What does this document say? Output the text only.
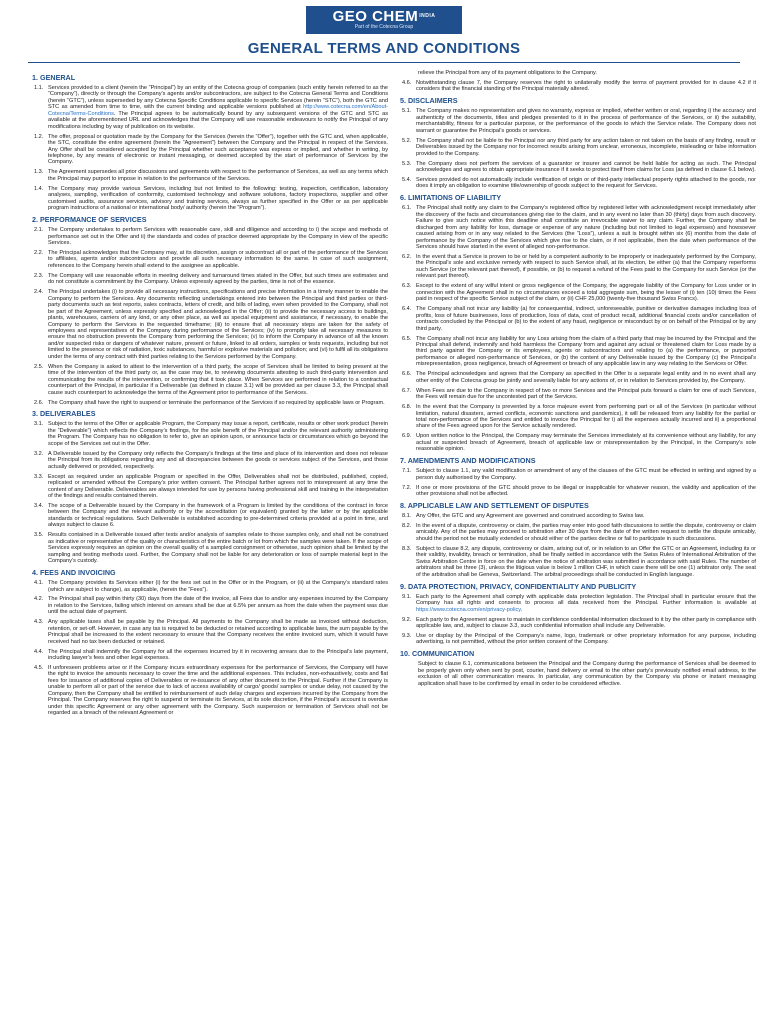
GEO $CHEM^{INDIA}$
Part of the Cotecna Group
GENERAL TERMS AND CONDITIONS
1. GENERAL
1.1. Services provided to a client (herein the “Principal”) by an entity of the Cotecna group of companies (such entity herein referred to as the “Company”), directly or through the Company’s agents and/or subcontractors, are subject to the Cotecna General Terms and Conditions (herein “GTC”), unless superseded by any Cotecna Specific Conditions applicable to specific Services (herein “STC”), both the GTC and STC as amended from time to time, with the current binding and applicable versions published at http://www.cotecna.com/en/About-Cotecna/Terms-Conditions. The Principal agrees to be automatically bound by any subsequent versions of the GTC and STC as available at the aforementioned URL and acknowledges that the Company will use reasonable endeavours to notify the Principal of any modifications including by way of publication on its website.
1.2. The offer, proposal or quotation made by the Company for the Services (herein the “Offer”), together with the GTC and, when applicable, the STC, constitute the entire agreement (herein the “Agreement”) between the Company and the Principal in respect of the Services. Any Offer shall be considered accepted by the Principal whether such acceptance was express or implied, and whether in writing, by telephone, by any means of electronic or instant messaging, or deemed accepted by the start of performance of Services by the Company.
1.3. The Agreement supersedes all prior discussions and agreements with respect to the performance of Services, as well as any terms which the Principal may purport to impose in relation to the performance of the Services.
1.4. The Company may provide various Services, including but not limited to the following: testing, inspection, certification, laboratory analyses, sampling, verification of conformity, customised technology and software solutions, factory inspections, supplier and other customised audits, assurance services, advisory and training services, always as further specified in the Offer or as per applicable program instructions of a national or international body/ authority (herein the “Program”).
2. PERFORMANCE OF SERVICES
2.1. The Company undertakes to perform Services with reasonable care, skill and diligence and according to i) the scope and methods of performance set out in the Offer and ii) the standards and codes of practice deemed appropriate by the Company in view of the specific Services.
2.2. The Principal acknowledges that the Company may, at its discretion, assign or subcontract all or part of the performance of the Services to affiliates, agents and/or subcontractors and provide all such necessary information to the same. In case of such assignment, references to the Company herein shall extend to the assignee as applicable.
2.3. The Company will use reasonable efforts in meeting delivery and turnaround times stated in the Offer, but such times are estimates and do not constitute a commitment by the Company. Unless expressly agreed by the parties, time is not of the essence.
2.4. The Principal undertakes (i) to provide all necessary instructions, specifications and precise information in a timely manner to enable the Company to perform the Services. Any documents reflecting undertakings entered into between the Principal and third parties or third-party documents such as test reports, sales contracts, letters of credit, and bills of lading, even when provided to the Company, shall not be part of the Agreement, unless expressly specified and acknowledged in the Offer; (ii) to provide the necessary access to buildings, plants, warehouses, carriers of any kind, or any other place, as well as special equipment and assistance, if necessary, to enable the Company to perform the Services in the requested timeframe; (iii) to ensure that all necessary steps are taken for the safety of employees and representatives of the Company during performance of the Services; (iv) to promptly take all necessary measures to ensure that no obstruction prevents the Company from performing the Services; (v) to inform the Company in advance of all the known and/or suspected risks or dangers of whatever nature, present or future, linked to all orders, samples or tests requests, including but not limited to the presence or risk of radiation, toxic substances, harmful or explosive materials and pollution; and (vi) to fulfil all its obligations under the terms of any contract with third parties relating to the Services performed by the Company.
2.5. When the Company is asked to attest to the intervention of a third party, the scope of Services shall be limited to being present at the time of the intervention of the third party or, as the case may be, to reviewing documents attesting to such third-party intervention and communicating the results of the intervention, or confirming that it took place. When Services are performed in relation to a contractual counterpart of the Principal, in particular if a Deliverable (as defined in clause 3.1) will be provided as per clause 3.3, the Principal shall cause such counterpart to acknowledge the terms of the Agreement prior to performance of the Services.
2.6. The Company shall have the right to suspend or terminate the performance of the Services if so required by applicable laws or Program.
3. DELIVERABLES
3.1. Subject to the terms of the Offer or applicable Program, the Company may issue a report, certificate, results or other work product (herein the “Deliverable”) which reflects the Company’s findings, for the sole benefit of the Principal and/or the relevant authority administering the Program. The Company has no obligation to refer to, give an opinion upon, or announce facts or circumstances which go beyond the scope of the Services set out in the Offer.
3.2. A Deliverable issued by the Company only reflects the Company’s findings at the time and place of its intervention and does not release the Principal from its obligations regarding any and all discrepancies between the goods or services subject of the Services, and those actually delivered or provided, respectively.
3.3. Except as required under an applicable Program or specified in the Offer, Deliverables shall not be distributed, published, copied, replicated or amended without the Company’s prior written consent. The Principal further agrees not to misrepresent at any time the content of any Deliverable. Deliverables are always intended for use by persons having professional skill and training in the interpretation of the findings and results contained therein.
3.4. The scope of a Deliverable issued by the Company in the framework of a Program is limited by the conditions of the contract in force between the Company and the relevant authority or by the accreditation (or equivalent) granted by the latter or by the applicable standards or technical regulations. Such Deliverable is established according to pre-determined criteria provided at a point in time, and always subject to clause 6.
3.5. Results contained in a Deliverable issued after tests and/or analysis of samples relate to those samples only, and shall not be construed as indicative or representative of the quality or characteristics of the entire batch or lot from which the samples were taken. If the scope of Services expressly requires an opinion on the overall quality of a sampled consignment or otherwise, such opinion shall be limited by the sampling and testing methods used. Further, the Company shall not be liable for any deterioration or loss of sample material kept in the Company’s custody.
4. FEES AND INVOICING
4.1. The Company provides its Services either (i) for the fees set out in the Offer or in the Program, or (ii) at the Company’s standard rates (which are subject to change), as applicable, (herein the “Fees”).
4.2. The Principal shall pay within thirty (30) days from the date of the invoice, all Fees due to and/or any expenses incurred by the Company in relation to the Services, failing which interest on arrears shall be due at 6.5% per annum as from the date when the payment was due until the actual date of payment.
4.3. Any applicable taxes shall be payable by the Principal. All payments to the Company shall be made as invoiced without deduction, retention, or set-off. However, in case any tax is required to be deducted or retained according to applicable laws, the sum payable by the Principal shall be increased to the extent necessary to ensure that the Company receives the entire invoiced sum, which it would have received had no tax been deducted or retained.
4.4. The Principal shall indemnify the Company for all the expenses incurred by it in recovering arrears due to the Principal’s late payment, including lawyer’s fees and other legal expenses.
4.5. If unforeseen problems arise or if the Company incurs extraordinary expenses for the performance of Services, the Company will have the right to invoice the amounts necessary to cover the time and the additional expenses. This includes, non-exhaustively, costs and flat fees for issuance of additional copies of Deliverables or re-issuance of any other document to the Principal. Further if the Company is unable to perform all or part of the service due to lack of access availability of cargo/ goods/ samples or undue delay, not caused by the Company, then the Company shall be entitled to reimbursement of such delay charges and expenses incurred by the Company from the Principal. The Company reserves the right to suspend or terminate its Services, at its sole discretion, if the Principal’s account is overdue under this specific Agreement or any other agreement with the Company. Such suspension or termination of Services shall not be regarded as a breach of the relevant Agreement or
relieve the Principal from any of its payment obligations to the Company.
4.6. Notwithstanding clause 7, the Company reserves the right to unilaterally modify the terms of payment provided for in clause 4.2 if it considers that the financial standing of the Principal materially altered.
5. DISCLAIMERS
5.1. The Company makes no representation and gives no warranty, express or implied, whether written or oral, regarding i) the accuracy and authenticity of the documents, titles and pledges presented to it in the process of performance of the Services, or ii) the suitability, merchantability, fitness for a particular purpose, or the performance of the goods to which the Service relate. The Company does not warrant or guarantee the Principal’s goods or services.
5.2. The Company shall not be liable to the Principal nor any third party for any action taken or not taken on the basis of any finding, result or Deliverables issued by the Company nor for incorrect results arising from unclear, erroneous, incomplete, misleading or false information provided to the Company.
5.3. The Company does not perform the services of a guarantor or insurer and cannot be held liable for acting as such. The Principal acknowledges and agrees to obtain appropriate insurance if it seeks to protect itself from claims for Loss (as defined in clause 6.1 below).
5.4. Services provided do not automatically include verification of origin or of third-party intellectual property rights attached to the goods, nor does it imply an obligation to examine title/ownership of goods subject to the request for Services.
6. LIMITATIONS OF LIABILITY
6.1. The Principal shall notify any claim to the Company’s registered office by registered letter with acknowledgment receipt immediately after the discovery of the facts and circumstances giving rise to the claim, and in any event no later than 30 (thirty) days from such discovery. Failure to give such notice within this deadline shall constitute an irrevocable waiver to any claim. Further, the Company shall be discharged from any liability for loss, damage or expense of any nature (including but not limited to legal expenses) and howsoever caused arising from or in any way related to the Services (the “Loss”), unless a suit is brought within six (6) months from the date of performance by the Company of the Services which give rise to the claim, or if not applicable, then the date when performance of the Services should have started in the event of alleged non-performance.
6.2. In the event that a Service is proven to be or held by a competent authority to be improperly or inadequately performed by the Company, the Principal’s sole and exclusive remedy with respect to such Service shall, at its election, be either (a) that the Company reperforms such Service (or the relevant part thereof), if possible, or (b) to request a refund of the Fees paid to the Company for such Service (or the relevant part thereof).
6.3. Except to the extent of any wilful intent or gross negligence of the Company, the aggregate liability of the Company for Loss under or in connection with the Agreement shall in no circumstances exceed a total aggregate sum, being the lesser of (i) ten (10) times the Fees paid in respect of the specific Service subject of the claim, or (ii) CHF 25,000 (twenty-five thousand Swiss Francs).
6.4. The Company shall not incur any liability (a) for consequential, indirect, unforeseeable, punitive or derivative damages including loss of profits, loss of future businesses, loss of production, loss of data, cost of product recall, additional financial costs and/or cancellation of contracts concluded by the Principal or (b) to the extent of any fraud, negligence or misconduct by or on behalf of the Principal or by any third party.
6.5. The Company shall not incur any liability for any Loss arising from the claim of a third party that may be incurred by the Principal and the Principal shall defend, indemnify and hold harmless the Company from and against any actual or threatened claim for Loss made by a third party against the Company or its employees, agents or subcontractors and relating to (a) the performance, or purported performance or alleged non-performance of Services, or (b) the content of any Deliverable issued by the Company (c) the Principal’s misrepresentation, gross negligence, breach of Agreement or breach of any applicable law in any way relating to the Services or Offer.
6.6. The Principal acknowledges and agrees that the Company as specified in the Offer is a separate legal entity and in no event shall any other entity of the Cotecna group be jointly and severally liable for any actions of, or in relation to Services provided by, the Company.
6.7. When Fees are due to the Company in respect of two or more Services and the Principal puts forward a claim for one of such Services, the Fees will remain due for the uncontested part of the Services.
6.8. In the event that the Company is prevented by a force majeure event from performing part or all of the Services (in particular without limitation, natural disasters, armed conflicts, economic sanctions and pandemics), it will be released from any liability for the partial or total non-performance of the Services and entitled to invoice the Principal for i) all the expenses actually incurred and ii) a proportional share of the Fees agreed upon for the Service actually rendered.
6.9. Upon written notice to the Principal, the Company may terminate the Services immediately at its convenience without any liability, for any actual or suspected breach of Agreement, breach of applicable law or misrepresentation by the Principal, in the Company’s sole reasonable opinion.
7. AMENDMENTS AND MODIFICATIONS
7.1. Subject to clause 1.1, any valid modification or amendment of any of the clauses of the GTC must be effected in writing and signed by a person duly authorised by the Company.
7.2. If one or more provisions of the GTC should prove to be illegal or inapplicable for whatever reason, the validity and application of the other provisions shall not be affected.
8. APPLICABLE LAW AND SETTLEMENT OF DISPUTES
8.1. Any Offer, the GTC and any Agreement are governed and construed according to Swiss law.
8.2. In the event of a dispute, controversy or claim, the parties may enter into good faith discussions to settle the dispute, controversy or claim amicably. Any of the parties may proceed to arbitration after 30 days from the date of the written request to settle the dispute amicably, should the period not be mutually extended or should either of the parties decline or fail to participate in such discussions.
8.3. Subject to clause 8.2, any dispute, controversy or claim, arising out of, or in relation to an Offer the GTC or an Agreement, including its or their validity, invalidity, breach or termination, shall be finally settled in accordance with the Swiss Rules of International Arbitration of the Swiss Arbitration Centre in force on the date when the notice of arbitration was submitted in accordance with said Rules. The number of arbitrators shall be three (3), unless the litigious value is below 1 million CHF, in which case there will be one (1) arbitrator only. The seat of the arbitration shall be Geneva, Switzerland. The arbitral proceedings shall be conducted in English language.
9. DATA PROTECTION, PRIVACY, CONFIDENTIALITY AND PUBLICITY
9.1. Each party to the Agreement shall comply with applicable data protection legislation. The Principal shall in particular ensure that the Company has all rights and consents to process all data received from the Principal. Further information is available at https://www.cotecna.com/en/privacy-policy.
9.2. Each party to the Agreement agrees to maintain in confidence confidential information disclosed to it by the other party in compliance with applicable law, and, subject to clause 3.3, such confidential information shall include any Deliverable.
9.3. Use or display by the Principal of the Company’s name, logo, trademark or other proprietary information for any purpose, including advertising, is not permitted, without the prior written consent of the Company.
10. COMMUNICATION
Subject to clause 6.1, communications between the Principal and the Company during the performance of Services shall be deemed to be properly given only when sent by post, courier, hand delivery or email to the other party’s previously notified email address, to the exclusion of all other communication means. In particular, any communication by the Company via phone or instant messaging application shall have to be confirmed by email in order to be considered effective.
